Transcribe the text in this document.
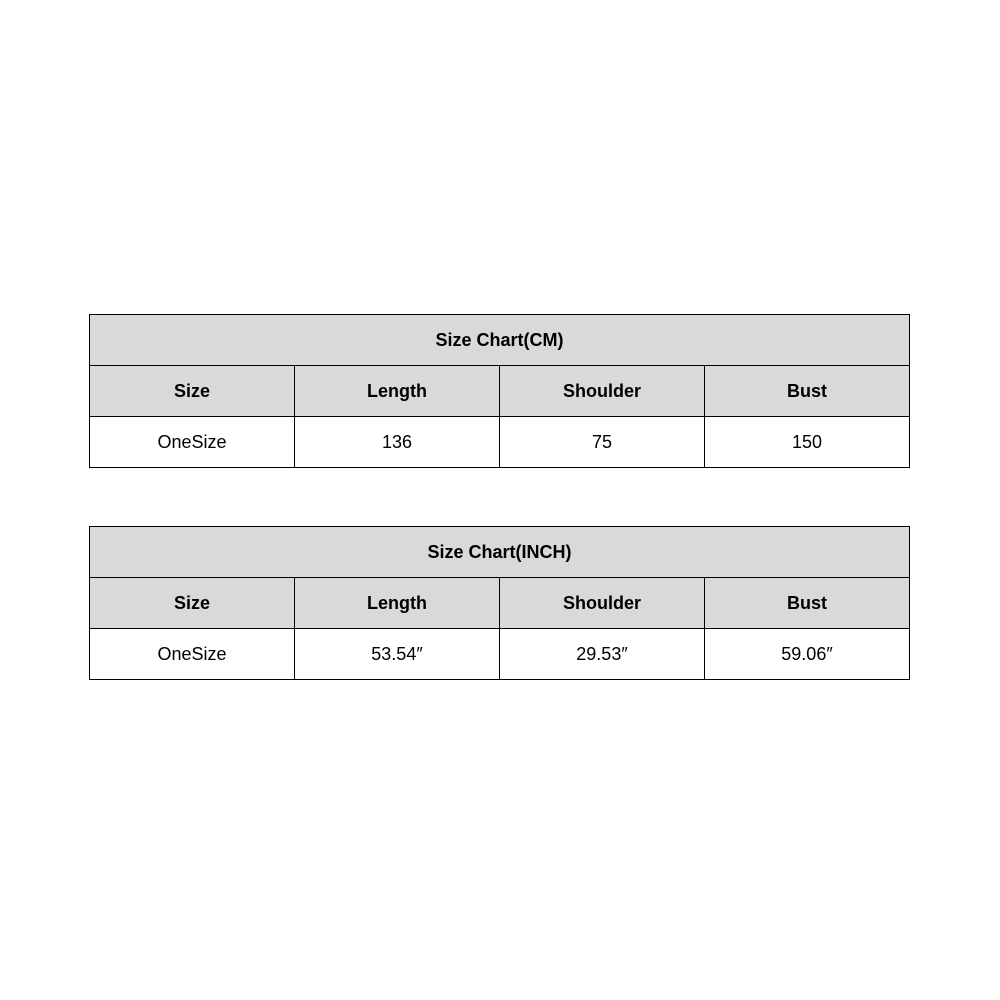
Size Chart(CM)			
Size	Length	Shoulder	Bust
OneSize	136	75	150
Size Chart(INCH)			
Size	Length	Shoulder	Bust
OneSize	53.54″	29.53″	59.06″
